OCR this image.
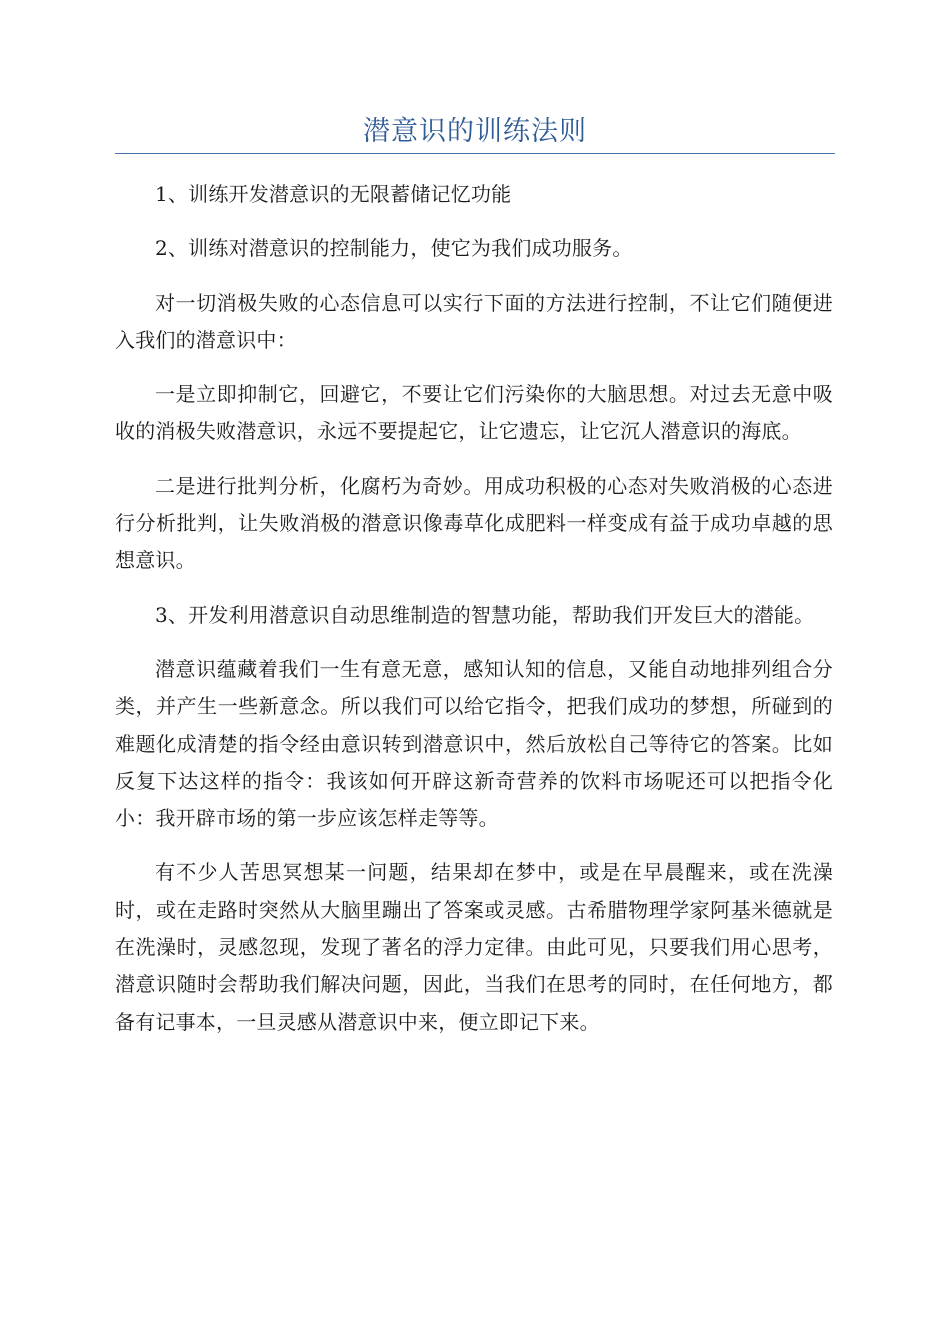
潜意识的训练法则

1、训练开发潜意识的无限蓄储记忆功能

2、训练对潜意识的控制能力，使它为我们成功服务。

对一切消极失败的心态信息可以实行下面的方法进行控制，不让它们随便进入我们的潜意识中：

一是立即抑制它，回避它，不要让它们污染你的大脑思想。对过去无意中吸收的消极失败潜意识，永远不要提起它，让它遗忘，让它沉人潜意识的海底。

二是进行批判分析，化腐朽为奇妙。用成功积极的心态对失败消极的心态进行分析批判，让失败消极的潜意识像毒草化成肥料一样变成有益于成功卓越的思想意识。

3、开发利用潜意识自动思维制造的智慧功能，帮助我们开发巨大的潜能。

潜意识蕴藏着我们一生有意无意，感知认知的信息，又能自动地排列组合分类，并产生一些新意念。所以我们可以给它指令，把我们成功的梦想，所碰到的难题化成清楚的指令经由意识转到潜意识中，然后放松自己等待它的答案。比如反复下达这样的指令：我该如何开辟这新奇营养的饮料市场呢还可以把指令化小：我开辟市场的第一步应该怎样走等等。

有不少人苦思冥想某一问题，结果却在梦中，或是在早晨醒来，或在洗澡时，或在走路时突然从大脑里蹦出了答案或灵感。古希腊物理学家阿基米德就是在洗澡时，灵感忽现，发现了著名的浮力定律。由此可见，只要我们用心思考，潜意识随时会帮助我们解决问题，因此，当我们在思考的同时，在任何地方，都备有记事本，一旦灵感从潜意识中来，便立即记下来。
